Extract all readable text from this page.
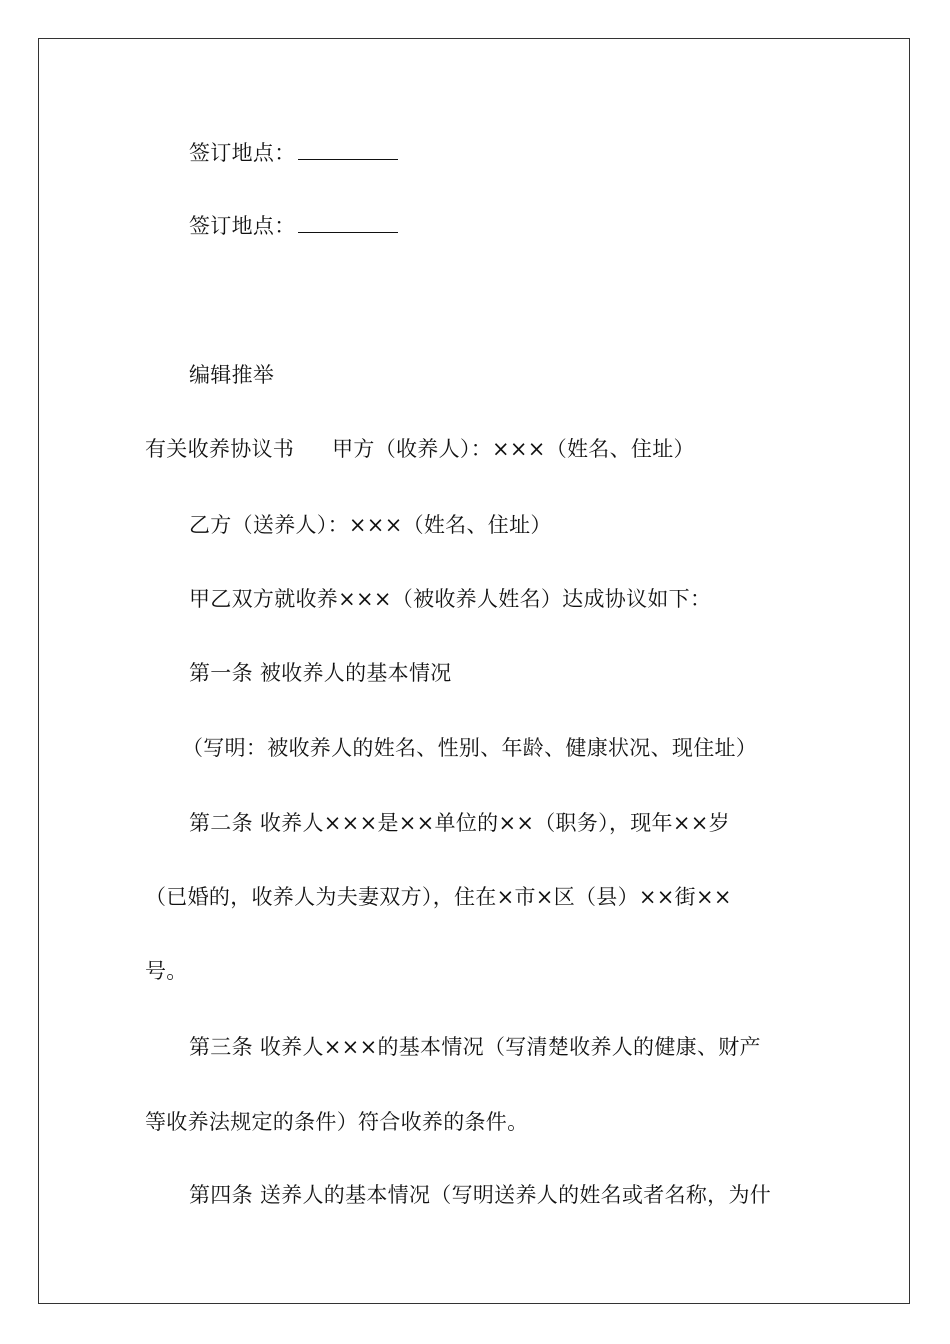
签订地点：
签订地点：
编辑推举
有关收养协议书 甲方（收养人）：×××（姓名、住址）
乙方（送养人）：×××（姓名、住址）
甲乙双方就收养×××（被收养人姓名）达成协议如下：
第一条 被收养人的基本情况
（写明：被收养人的姓名、性别、年龄、健康状况、现住址）
第二条 收养人×××是××单位的××（职务），现年××岁
（已婚的，收养人为夫妻双方），住在×市×区（县）××街××
号。
第三条 收养人×××的基本情况（写清楚收养人的健康、财产
等收养法规定的条件）符合收养的条件。
第四条 送养人的基本情况（写明送养人的姓名或者名称，为什
